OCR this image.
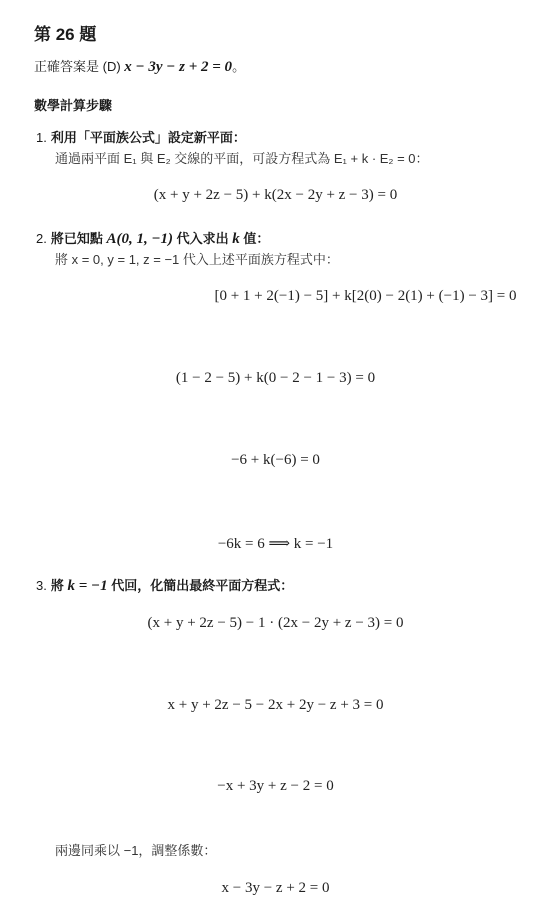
第 26 題
正確答案是 (D) x − 3y − z + 2 = 0。
數學計算步驟
1. 利用「平面族公式」設定新平面：
通過兩平面 E₁ 與 E₂ 交線的平面，可設方程式為 E₁ + k · E₂ = 0：
(x + y + 2z − 5) + k(2x − 2y + z − 3) = 0
2. 將已知點 A(0, 1, −1) 代入求出 k 值：
將 x = 0, y = 1, z = −1 代入上述平面族方程式中：
[0 + 1 + 2(−1) − 5] + k[2(0) − 2(1) + (−1) − 3] = 0
(1 − 2 − 5) + k(0 − 2 − 1 − 3) = 0
−6 + k(−6) = 0
−6k = 6 ⟹ k = −1
3. 將 k = −1 代回，化簡出最終平面方程式：
(x + y + 2z − 5) − 1 · (2x − 2y + z − 3) = 0
x + y + 2z − 5 − 2x + 2y − z + 3 = 0
−x + 3y + z − 2 = 0
兩邊同乘以 −1，調整係數：
x − 3y − z + 2 = 0
